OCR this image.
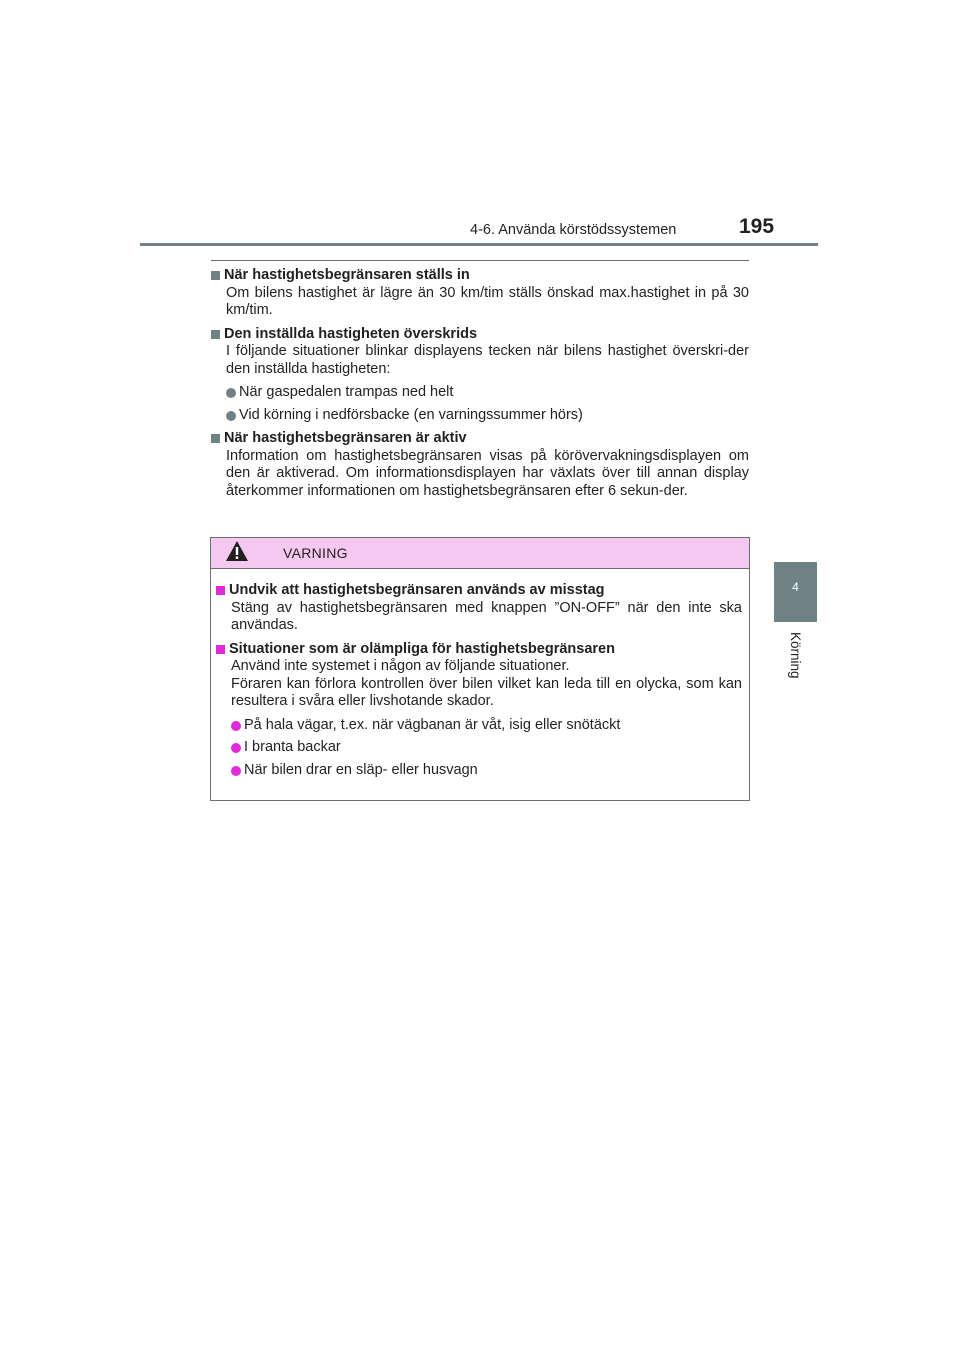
4-6. Använda körstödssystemen	195
4
Körning
När hastighetsbegränsaren ställs in
Om bilens hastighet är lägre än 30 km/tim ställs önskad max.hastighet in på 30 km/tim.
Den inställda hastigheten överskrids
I följande situationer blinkar displayens tecken när bilens hastighet överskri-der den inställda hastigheten:
När gaspedalen trampas ned helt
Vid körning i nedförsbacke (en varningssummer hörs)
När hastighetsbegränsaren är aktiv
Information om hastighetsbegränsaren visas på körövervakningsdisplayen om den är aktiverad. Om informationsdisplayen har växlats över till annan display återkommer informationen om hastighetsbegränsaren efter 6 sekun-der.
VARNING
Undvik att hastighetsbegränsaren används av misstag
Stäng av hastighetsbegränsaren med knappen ”ON-OFF” när den inte ska användas.
Situationer som är olämpliga för hastighetsbegränsaren
Använd inte systemet i någon av följande situationer.
Föraren kan förlora kontrollen över bilen vilket kan leda till en olycka, som kan resultera i svåra eller livshotande skador.
På hala vägar, t.ex. när vägbanan är våt, isig eller snötäckt
I branta backar
När bilen drar en släp- eller husvagn
